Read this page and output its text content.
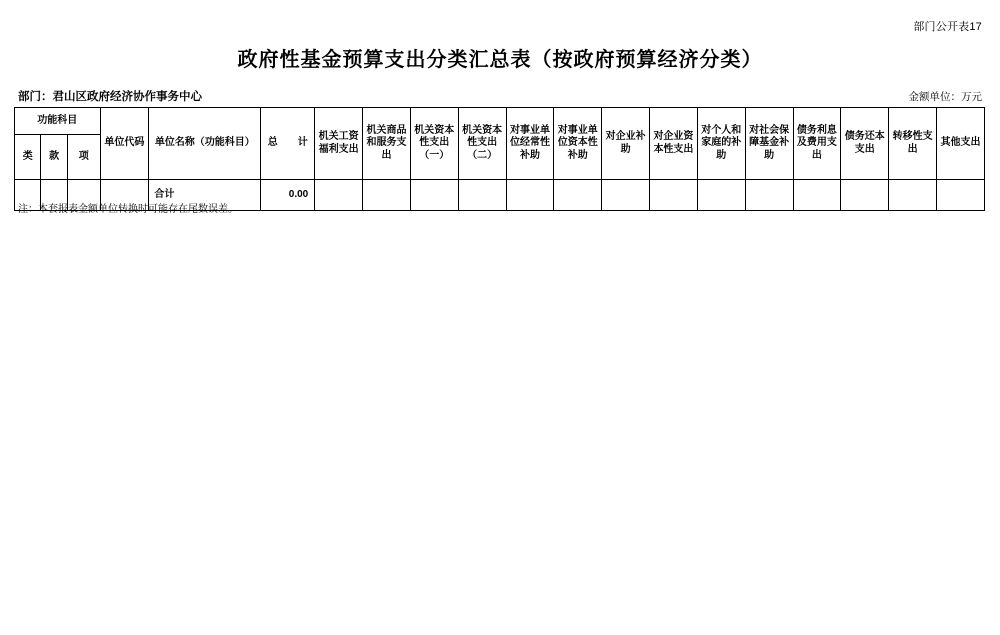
部门公开表17
政府性基金预算支出分类汇总表（按政府预算经济分类）
部门：君山区政府经济协作事务中心	金额单位：万元
功能科目			单位代码	单位名称（功能科目）	总　　计	机关工资福利支出	机关商品和服务支出	机关资本性支出（一）	机关资本性支出（二）	对事业单位经常性补助	对事业单位资本性补助	对企业补助	对企业资本性支出	对个人和家庭的补助	对社会保障基金补助	债务利息及费用支出	债务还本支出	转移性支出	其他支出
类	款	项																	
				合计	0.00														
注：本套报表金额单位转换时可能存在尾数误差。
